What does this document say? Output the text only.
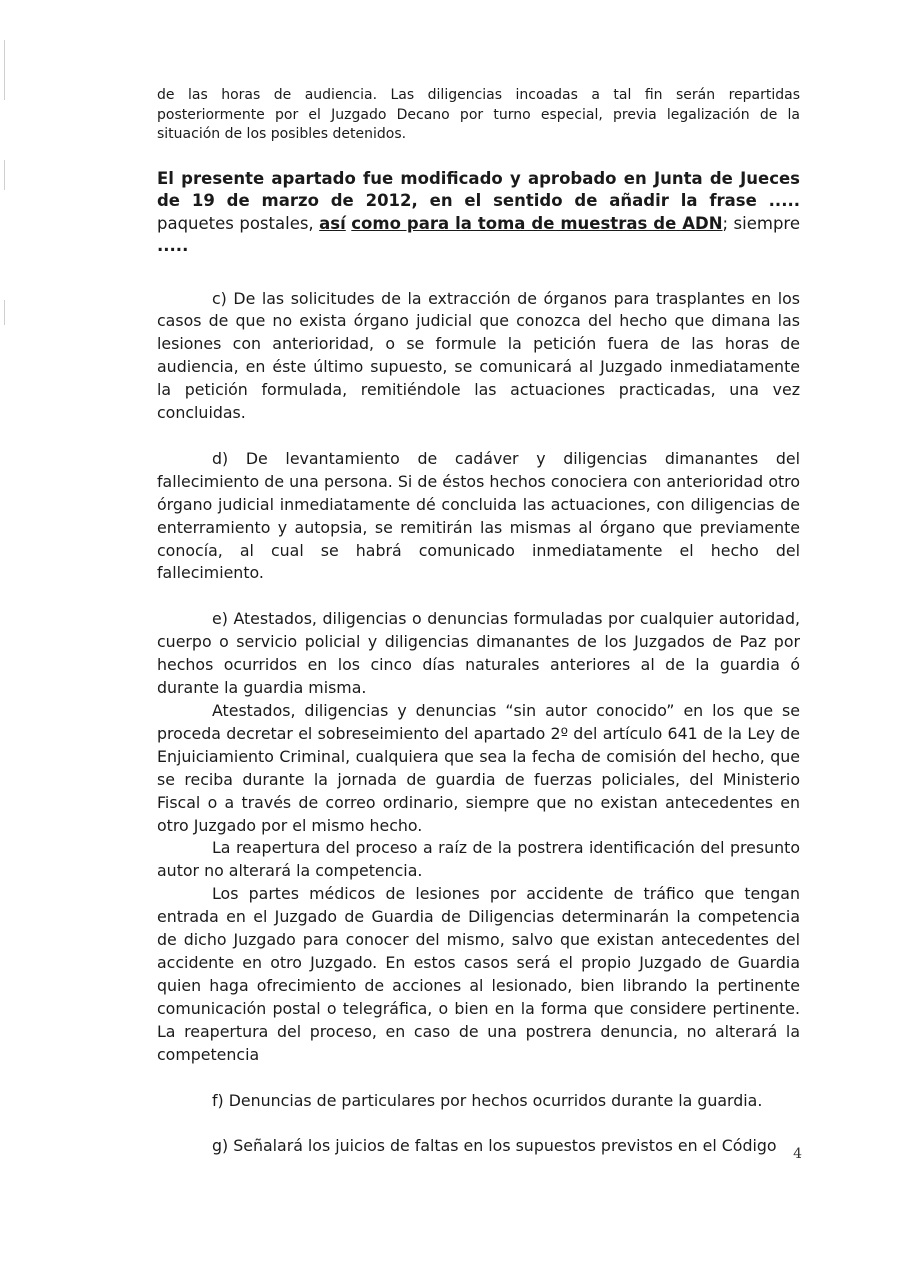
de las horas de audiencia. Las diligencias incoadas a tal fin serán repartidas posteriormente por el Juzgado Decano por turno especial, previa legalización de la situación de los posibles detenidos.

El presente apartado fue modificado y aprobado en Junta de Jueces de 19 de marzo de 2012, en el sentido de añadir la frase ..... paquetes postales, así como para la toma de muestras de ADN; siempre .....

c) De las solicitudes de la extracción de órganos para trasplantes en los casos de que no exista órgano judicial que conozca del hecho que dimana las lesiones con anterioridad, o se formule la petición fuera de las horas de audiencia, en éste último supuesto, se comunicará al Juzgado inmediatamente la petición formulada, remitiéndole las actuaciones practicadas, una vez concluidas.

d) De levantamiento de cadáver y diligencias dimanantes del fallecimiento de una persona. Si de éstos hechos conociera con anterioridad otro órgano judicial inmediatamente dé concluida las actuaciones, con diligencias de enterramiento y autopsia, se remitirán las mismas al órgano que previamente conocía, al cual se habrá comunicado inmediatamente el hecho del fallecimiento.

e) Atestados, diligencias o denuncias formuladas por cualquier autoridad, cuerpo o servicio policial y diligencias dimanantes de los Juzgados de Paz por hechos ocurridos en los cinco días naturales anteriores al de la guardia ó durante la guardia misma.

Atestados, diligencias y denuncias “sin autor conocido” en los que se proceda decretar el sobreseimiento del apartado 2º del artículo 641 de la Ley de Enjuiciamiento Criminal, cualquiera que sea la fecha de comisión del hecho, que se reciba durante la jornada de guardia de fuerzas policiales, del Ministerio Fiscal o a través de correo ordinario, siempre que no existan antecedentes en otro Juzgado por el mismo hecho.

La reapertura del proceso a raíz de la postrera identificación del presunto autor no alterará la competencia.

Los partes médicos de lesiones por accidente de tráfico que tengan entrada en el Juzgado de Guardia de Diligencias determinarán la competencia de dicho Juzgado para conocer del mismo, salvo que existan antecedentes del accidente en otro Juzgado. En estos casos será el propio Juzgado de Guardia quien haga ofrecimiento de acciones al lesionado, bien librando la pertinente comunicación postal o telegráfica, o bien en la forma que considere pertinente. La reapertura del proceso, en caso de una postrera denuncia, no alterará la competencia

f) Denuncias de particulares por hechos ocurridos durante la guardia.

g) Señalará los juicios de faltas en los supuestos previstos en el Código	4
